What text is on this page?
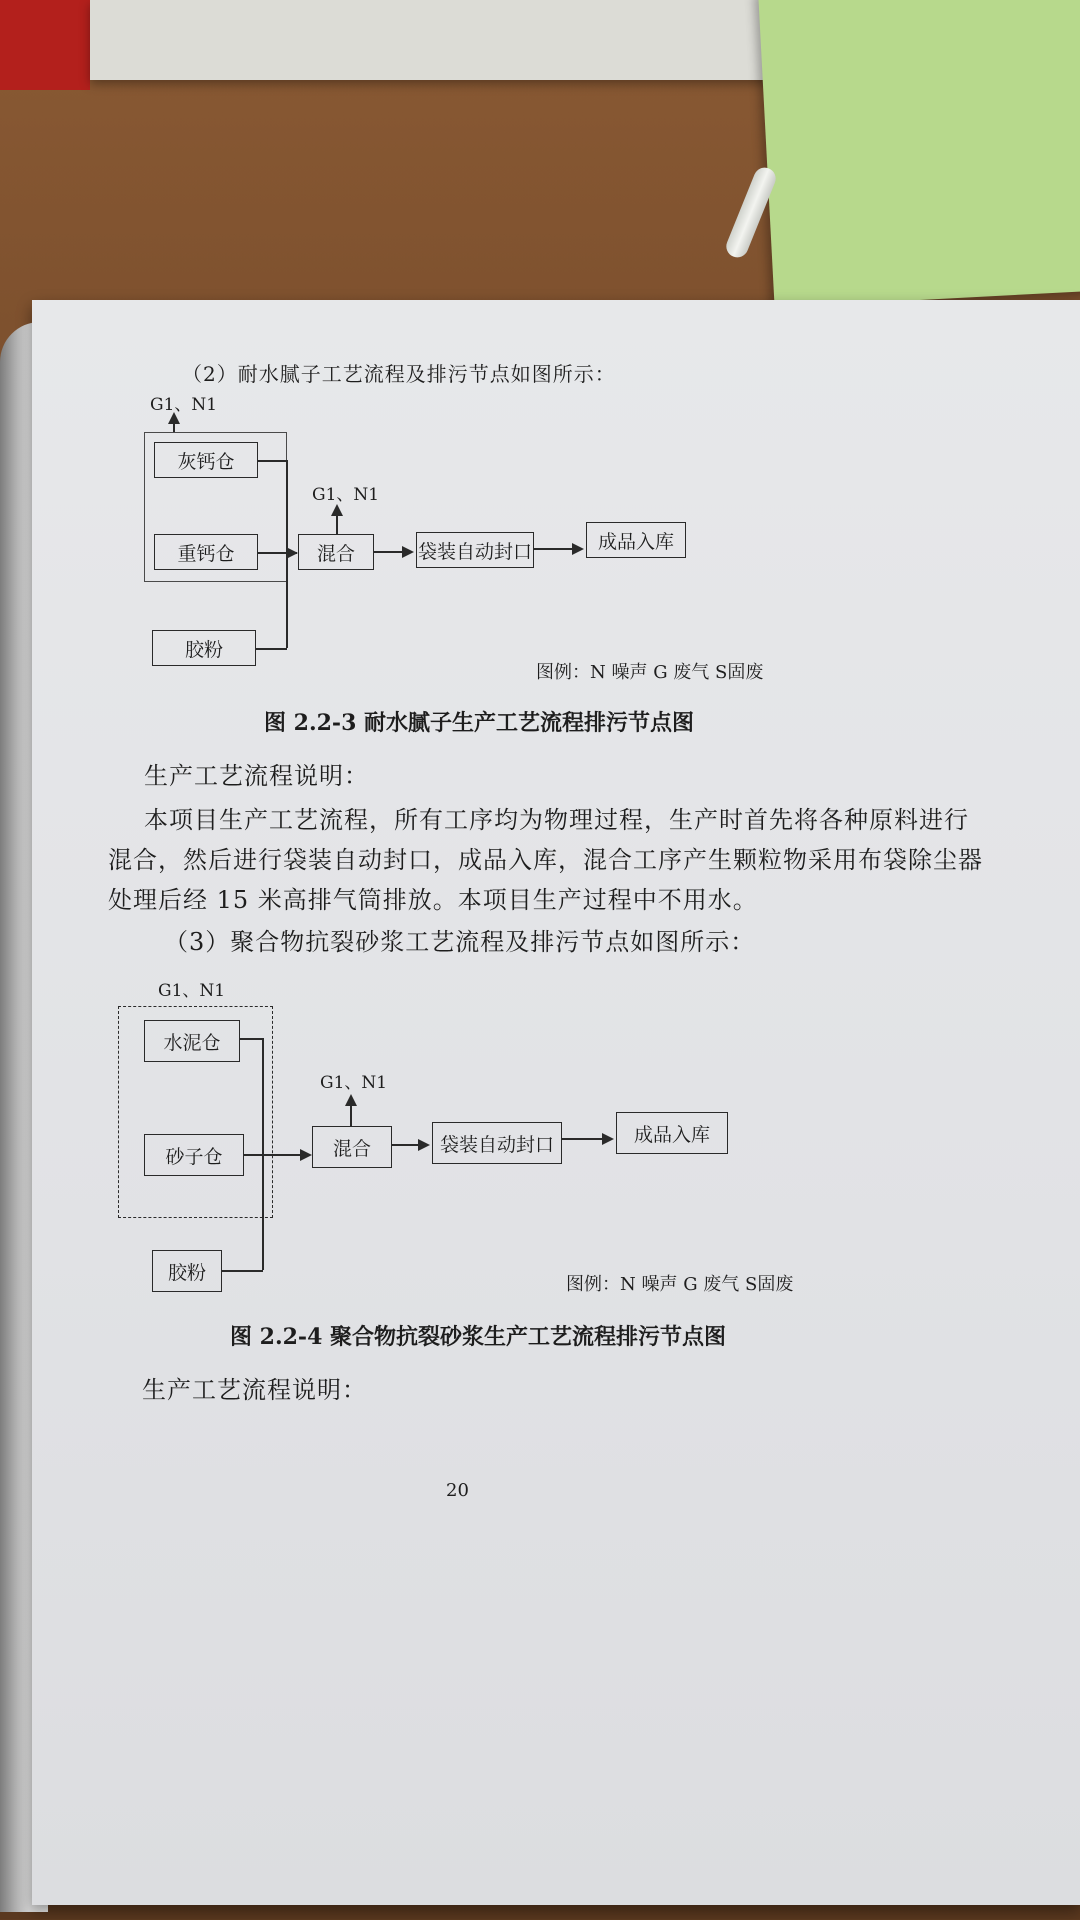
（2）耐水腻子工艺流程及排污节点如图所示：
G1、N1
灰钙仓
重钙仓
胶粉
混合
G1、N1
袋装自动封口	成品入库
图例：N 噪声 G 废气 S固废
图 2.2-3 耐水腻子生产工艺流程排污节点图
生产工艺流程说明：
本项目生产工艺流程，所有工序均为物理过程，生产时首先将各种原料进行
混合，然后进行袋装自动封口，成品入库，混合工序产生颗粒物采用布袋除尘器
处理后经 15 米高排气筒排放。本项目生产过程中不用水。
（3）聚合物抗裂砂浆工艺流程及排污节点如图所示：
G1、N1
水泥仓
砂子仓
胶粉
混合
G1、N1
袋装自动封口	成品入库
图例：N 噪声 G 废气 S固废
图 2.2-4 聚合物抗裂砂浆生产工艺流程排污节点图
生产工艺流程说明：
20
